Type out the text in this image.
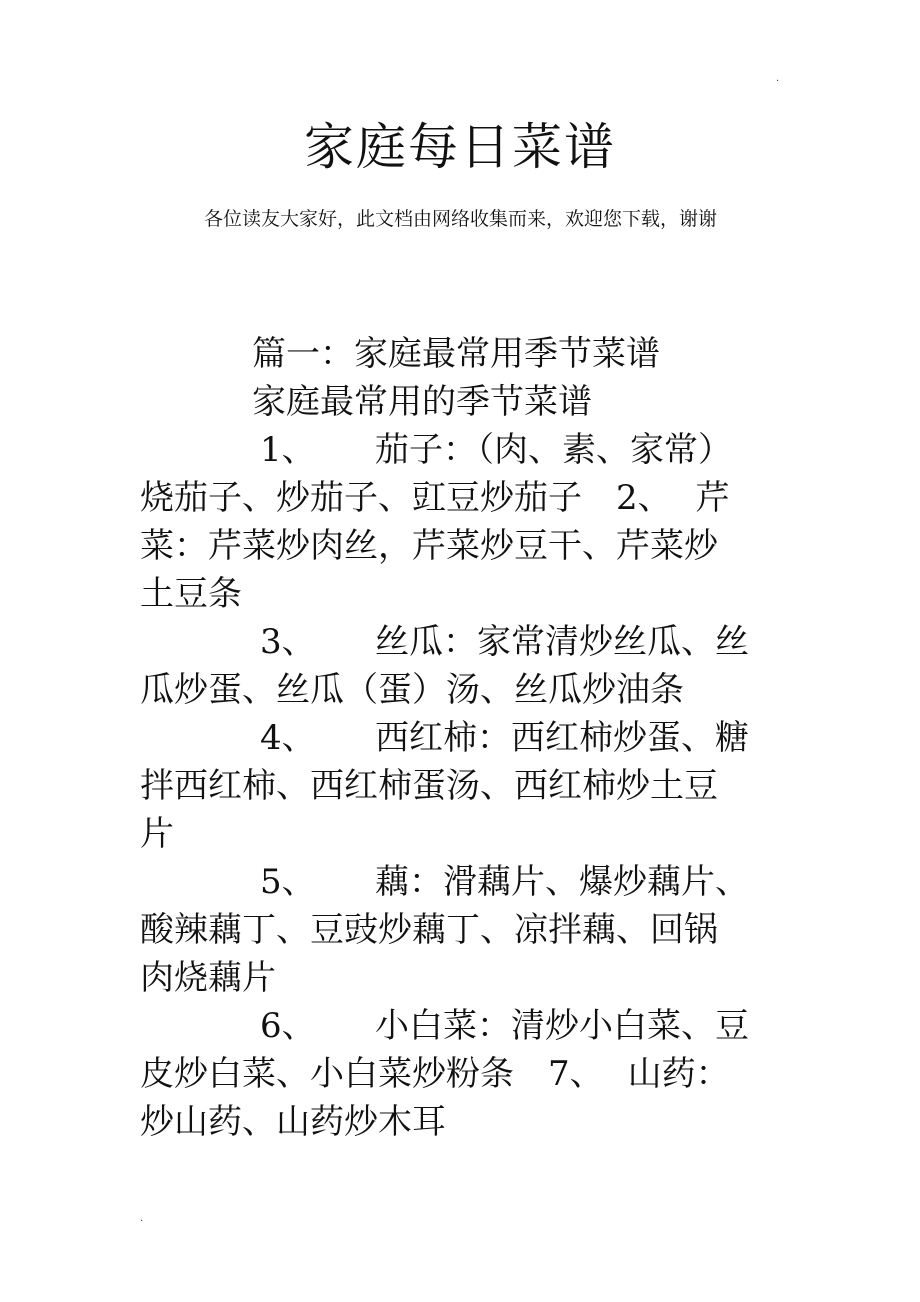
.
家庭每日菜谱

各位读友大家好，此文档由网络收集而来，欢迎您下载，谢谢

篇一：家庭最常用季节菜谱

家庭最常用的季节菜谱

1、 茄子：（肉、素、家常）

烧茄子、炒茄子、豇豆炒茄子 2、 芹

菜：芹菜炒肉丝，芹菜炒豆干、芹菜炒

土豆条

3、 丝瓜：家常清炒丝瓜、丝

瓜炒蛋、丝瓜（蛋）汤、丝瓜炒油条

4、 西红柿：西红柿炒蛋、糖

拌西红柿、西红柿蛋汤、西红柿炒土豆

片

5、 藕：滑藕片、爆炒藕片、

酸辣藕丁、豆豉炒藕丁、凉拌藕、回锅

肉烧藕片

6、 小白菜：清炒小白菜、豆

皮炒白菜、小白菜炒粉条 7、 山药：

炒山药、山药炒木耳

.
